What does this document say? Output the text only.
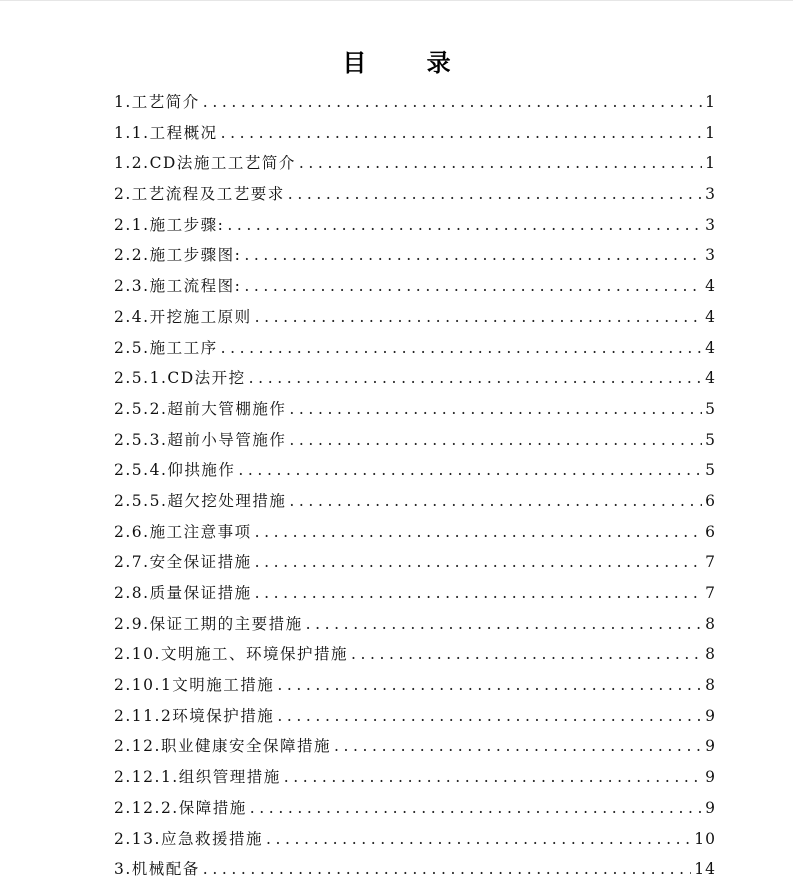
目 录
1.工艺简介 .....	1
1.1.工程概况 .....	1
1.2.CD法施工工艺简介 .....	1
2.工艺流程及工艺要求 .....	3
2.1.施工步骤: .....	3
2.2.施工步骤图: .....	3
2.3.施工流程图: .....	4
2.4.开挖施工原则 .....	4
2.5.施工工序 .....	4
2.5.1.CD法开挖 .....	4
2.5.2.超前大管棚施作 .....	5
2.5.3.超前小导管施作 .....	5
2.5.4.仰拱施作 .....	5
2.5.5.超欠挖处理措施 .....	6
2.6.施工注意事项 .....	6
2.7.安全保证措施 .....	7
2.8.质量保证措施 .....	7
2.9.保证工期的主要措施 .....	8
2.10.文明施工、环境保护措施 .....	8
2.10.1文明施工措施 .....	8
2.11.2环境保护措施 .....	9
2.12.职业健康安全保障措施 .....	9
2.12.1.组织管理措施 .....	9
2.12.2.保障措施 .....	9
2.13.应急救援措施 .....	10
3.机械配备 .....	14
